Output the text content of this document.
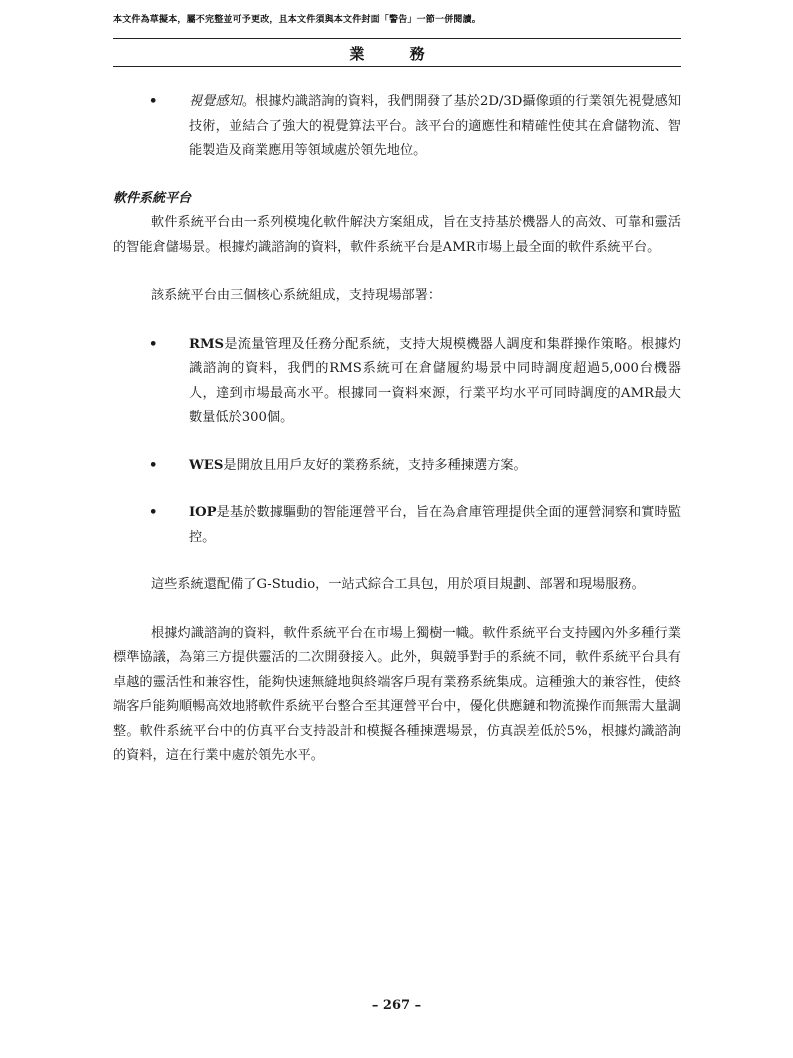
本文件為草擬本，屬不完整並可予更改，且本文件須與本文件封面「警告」一節一併閱讀。
業 務
•	視覺感知。根據灼識諮詢的資料，我們開發了基於2D/3D攝像頭的行業領先視覺感知技術，並結合了強大的視覺算法平台。該平台的適應性和精確性使其在倉儲物流、智能製造及商業應用等領域處於領先地位。

軟件系統平台

軟件系統平台由一系列模塊化軟件解決方案組成，旨在支持基於機器人的高效、可靠和靈活的智能倉儲場景。根據灼識諮詢的資料，軟件系統平台是AMR市場上最全面的軟件系統平台。

該系統平台由三個核心系統組成，支持現場部署：

•	RMS是流量管理及任務分配系統，支持大規模機器人調度和集群操作策略。根據灼識諮詢的資料，我們的RMS系統可在倉儲履約場景中同時調度超過5,000台機器人，達到市場最高水平。根據同一資料來源，行業平均水平可同時調度的AMR最大數量低於300個。
•	WES是開放且用戶友好的業務系統，支持多種揀選方案。
•	IOP是基於數據驅動的智能運營平台，旨在為倉庫管理提供全面的運營洞察和實時監控。

這些系統還配備了G-Studio，一站式綜合工具包，用於項目規劃、部署和現場服務。

根據灼識諮詢的資料，軟件系統平台在市場上獨樹一幟。軟件系統平台支持國內外多種行業標準協議，為第三方提供靈活的二次開發接入。此外，與競爭對手的系統不同，軟件系統平台具有卓越的靈活性和兼容性，能夠快速無縫地與終端客戶現有業務系統集成。這種強大的兼容性，使終端客戶能夠順暢高效地將軟件系統平台整合至其運營平台中，優化供應鏈和物流操作而無需大量調整。軟件系統平台中的仿真平台支持設計和模擬各種揀選場景，仿真誤差低於5%，根據灼識諮詢的資料，這在行業中處於領先水平。

– 267 –
